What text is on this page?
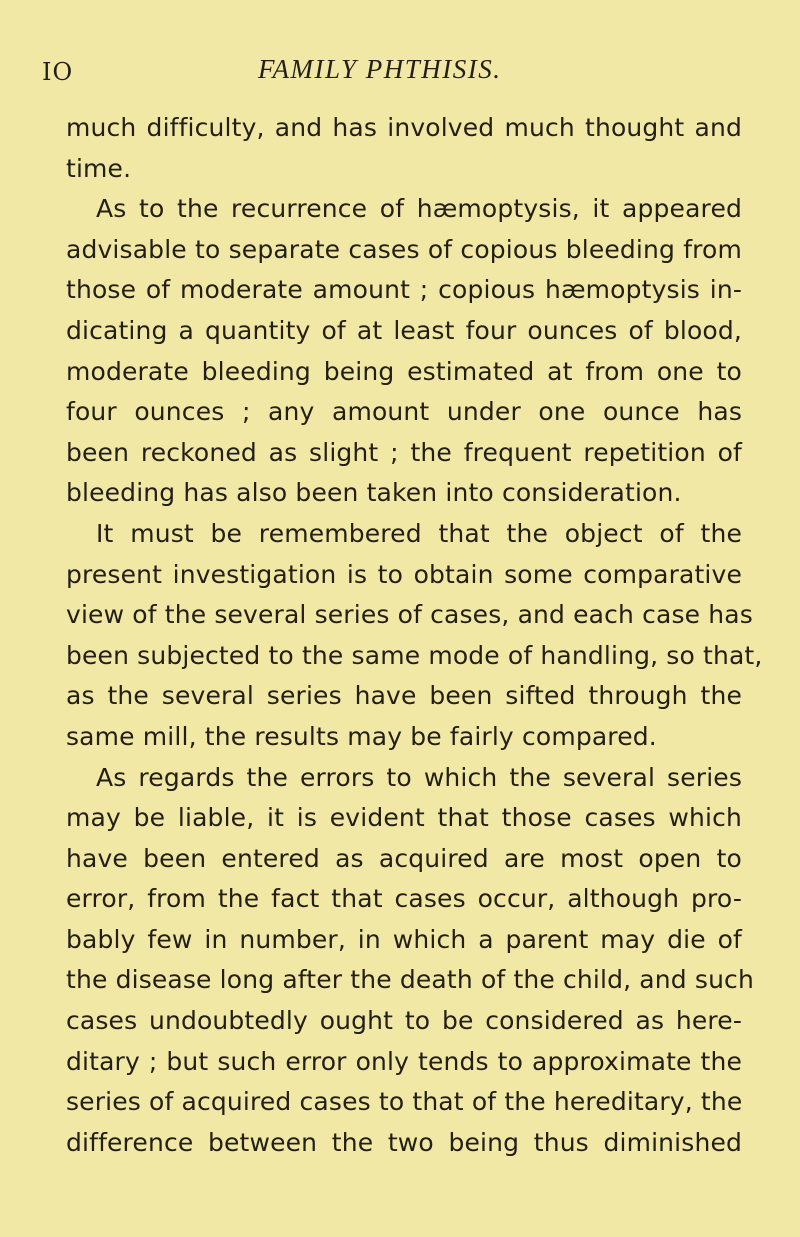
IO	FAMILY PHTHISIS.
much difficulty, and has involved much thought and
time.
As to the recurrence of hæmoptysis, it appeared
advisable to separate cases of copious bleeding from
those of moderate amount ; copious hæmoptysis in-
dicating a quantity of at least four ounces of blood,
moderate bleeding being estimated at from one to
four ounces ; any amount under one ounce has
been reckoned as slight ; the frequent repetition of
bleeding has also been taken into consideration.
It must be remembered that the object of the
present investigation is to obtain some comparative
view of the several series of cases, and each case has
been subjected to the same mode of handling, so that,
as the several series have been sifted through the
same mill, the results may be fairly compared.
As regards the errors to which the several series
may be liable, it is evident that those cases which
have been entered as acquired are most open to
error, from the fact that cases occur, although pro-
bably few in number, in which a parent may die of
the disease long after the death of the child, and such
cases undoubtedly ought to be considered as here-
ditary ; but such error only tends to approximate the
series of acquired cases to that of the hereditary, the
difference between the two being thus diminished
